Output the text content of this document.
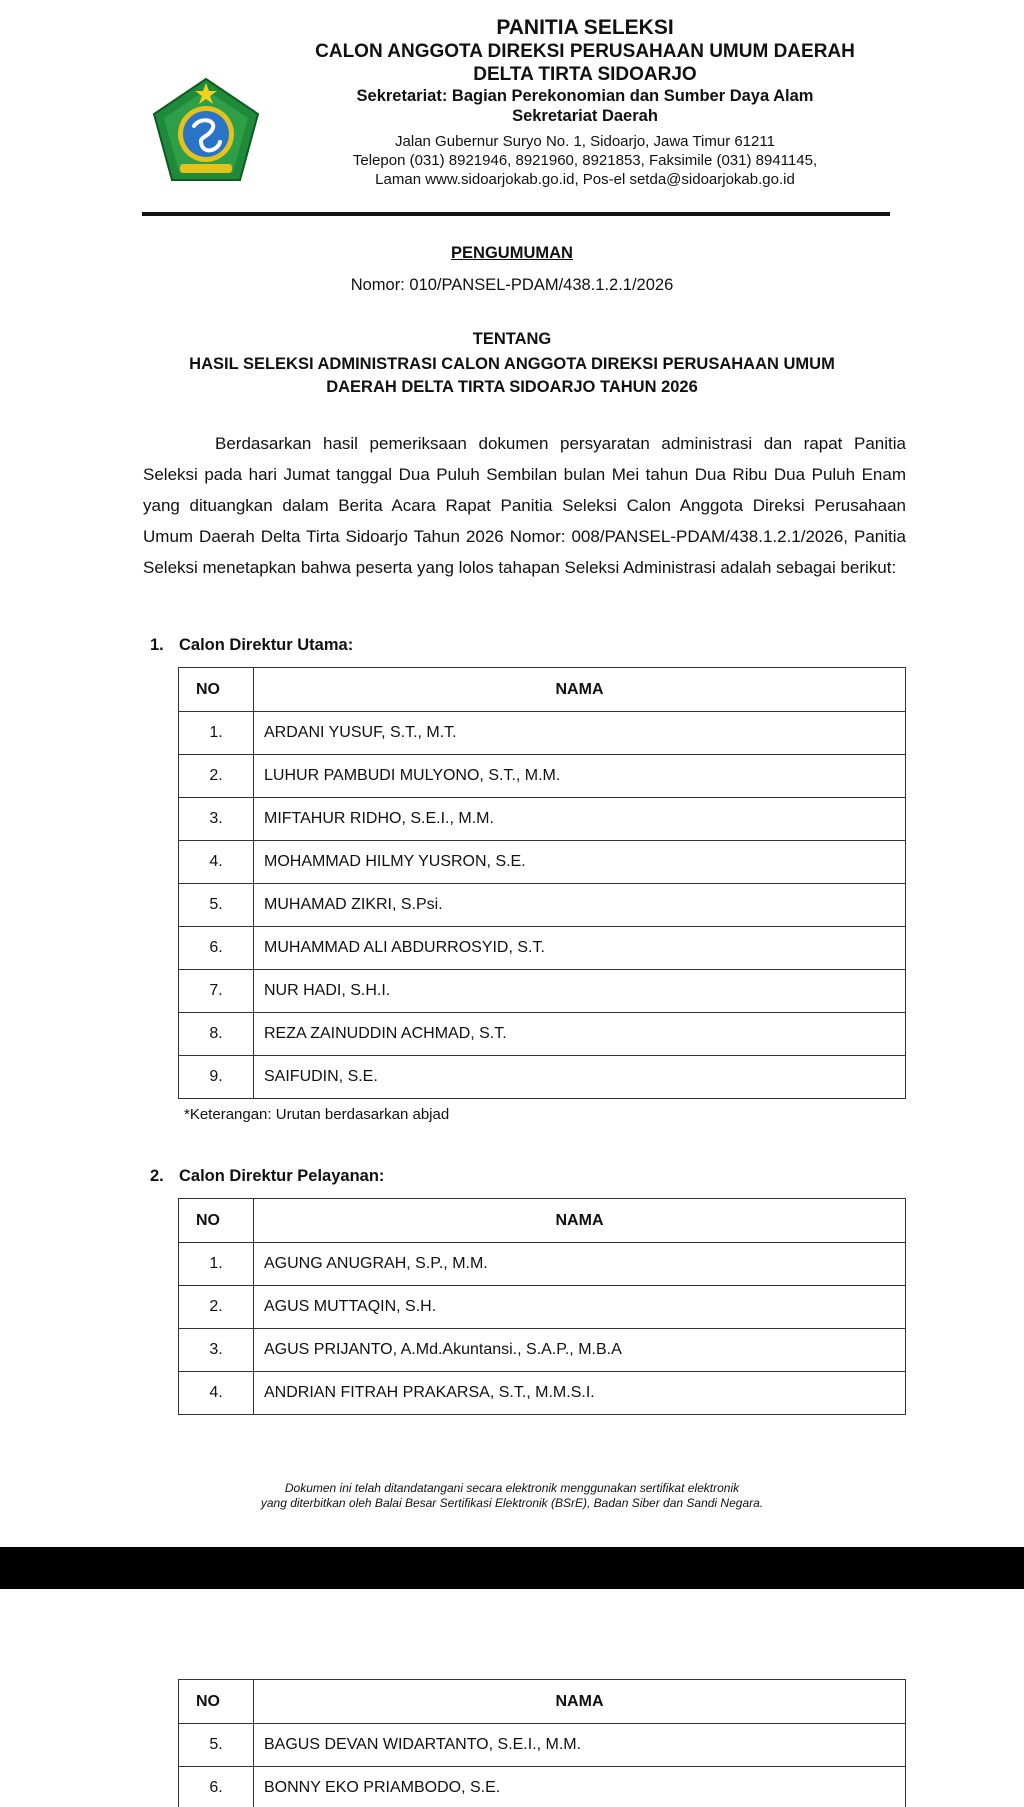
PANITIA SELEKSI
CALON ANGGOTA DIREKSI PERUSAHAAN UMUM DAERAH
DELTA TIRTA SIDOARJO
Sekretariat: Bagian Perekonomian dan Sumber Daya Alam
Sekretariat Daerah
Jalan Gubernur Suryo No. 1, Sidoarjo, Jawa Timur 61211
Telepon (031) 8921946, 8921960, 8921853, Faksimile (031) 8941145,
Laman www.sidoarjokab.go.id, Pos-el setda@sidoarjokab.go.id
PENGUMUMAN
Nomor: 010/PANSEL-PDAM/438.1.2.1/2026
TENTANG
HASIL SELEKSI ADMINISTRASI CALON ANGGOTA DIREKSI PERUSAHAAN UMUM
DAERAH DELTA TIRTA SIDOARJO TAHUN 2026

Berdasarkan hasil pemeriksaan dokumen persyaratan administrasi dan rapat Panitia Seleksi pada hari Jumat tanggal Dua Puluh Sembilan bulan Mei tahun Dua Ribu Dua Puluh Enam yang dituangkan dalam Berita Acara Rapat Panitia Seleksi Calon Anggota Direksi Perusahaan Umum Daerah Delta Tirta Sidoarjo Tahun 2026 Nomor: 008/PANSEL-PDAM/438.1.2.1/2026, Panitia Seleksi menetapkan bahwa peserta yang lolos tahapan Seleksi Administrasi adalah sebagai berikut:

1. Calon Direktur Utama:
NO	NAMA
1.	ARDANI YUSUF, S.T., M.T.
2.	LUHUR PAMBUDI MULYONO, S.T., M.M.
3.	MIFTAHUR RIDHO, S.E.I., M.M.
4.	MOHAMMAD HILMY YUSRON, S.E.
5.	MUHAMAD ZIKRI, S.Psi.
6.	MUHAMMAD ALI ABDURROSYID, S.T.
7.	NUR HADI, S.H.I.
8.	REZA ZAINUDDIN ACHMAD, S.T.
9.	SAIFUDIN, S.E.
*Keterangan: Urutan berdasarkan abjad
2. Calon Direktur Pelayanan:
NO	NAMA
1.	AGUNG ANUGRAH, S.P., M.M.
2.	AGUS MUTTAQIN, S.H.
3.	AGUS PRIJANTO, A.Md.Akuntansi., S.A.P., M.B.A
4.	ANDRIAN FITRAH PRAKARSA, S.T., M.M.S.I.
Dokumen ini telah ditandatangani secara elektronik menggunakan sertifikat elektronik
yang diterbitkan oleh Balai Besar Sertifikasi Elektronik (BSrE), Badan Siber dan Sandi Negara.
NO	NAMA
5.	BAGUS DEVAN WIDARTANTO, S.E.I., M.M.
6.	BONNY EKO PRIAMBODO, S.E.
